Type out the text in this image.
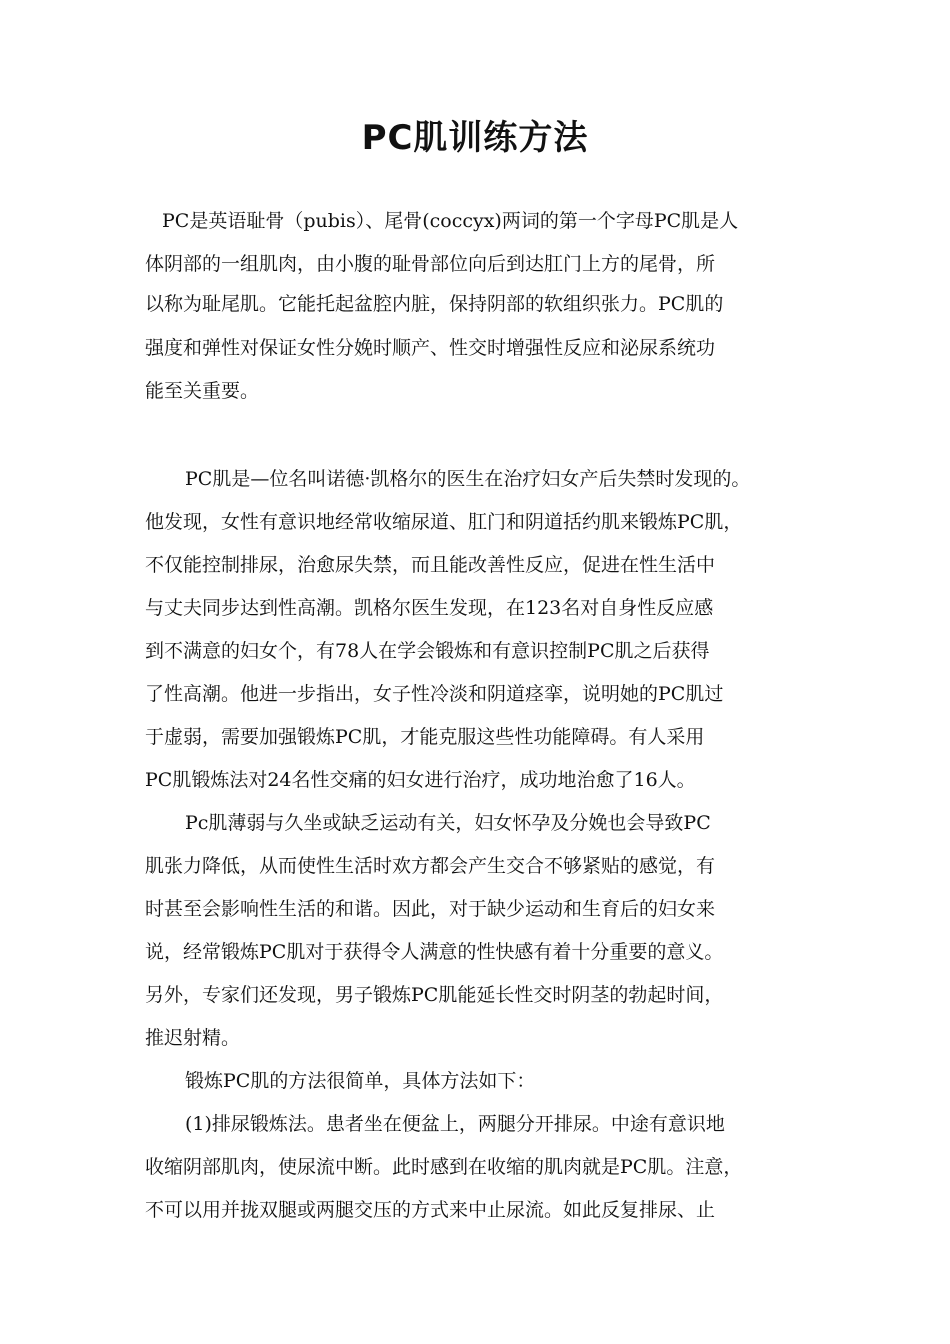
PC肌训练方法
PC是英语耻骨（pubis）、尾骨(coccyx)两词的第一个字母PC肌是人
体阴部的一组肌肉，由小腹的耻骨部位向后到达肛门上方的尾骨，所
以称为耻尾肌。它能托起盆腔内脏，保持阴部的软组织张力。PC肌的
强度和弹性对保证女性分娩时顺产、性交时增强性反应和泌尿系统功
能至关重要。
PC肌是—位名叫诺德·凯格尔的医生在治疗妇女产后失禁时发现的。
他发现，女性有意识地经常收缩尿道、肛门和阴道括约肌来锻炼PC肌，
不仅能控制排尿，治愈尿失禁，而且能改善性反应，促进在性生活中
与丈夫同步达到性高潮。凯格尔医生发现，在123名对自身性反应感
到不满意的妇女个，有78人在学会锻炼和有意识控制PC肌之后获得
了性高潮。他进一步指出，女子性冷淡和阴道痉挛，说明她的PC肌过
于虚弱，需要加强锻炼PC肌，才能克服这些性功能障碍。有人采用
PC肌锻炼法对24名性交痛的妇女进行治疗，成功地治愈了16人。
Pc肌薄弱与久坐或缺乏运动有关，妇女怀孕及分娩也会导致PC
肌张力降低，从而使性生活时欢方都会产生交合不够紧贴的感觉，有
时甚至会影响性生活的和谐。因此，对于缺少运动和生育后的妇女来
说，经常锻炼PC肌对于获得令人满意的性快感有着十分重要的意义。
另外，专家们还发现，男子锻炼PC肌能延长性交时阴茎的勃起时间，
推迟射精。
锻炼PC肌的方法很简单，具体方法如下：
(1)排尿锻炼法。患者坐在便盆上，两腿分开排尿。中途有意识地
收缩阴部肌肉，使尿流中断。此时感到在收缩的肌肉就是PC肌。注意，
不可以用并拢双腿或两腿交压的方式来中止尿流。如此反复排尿、止
